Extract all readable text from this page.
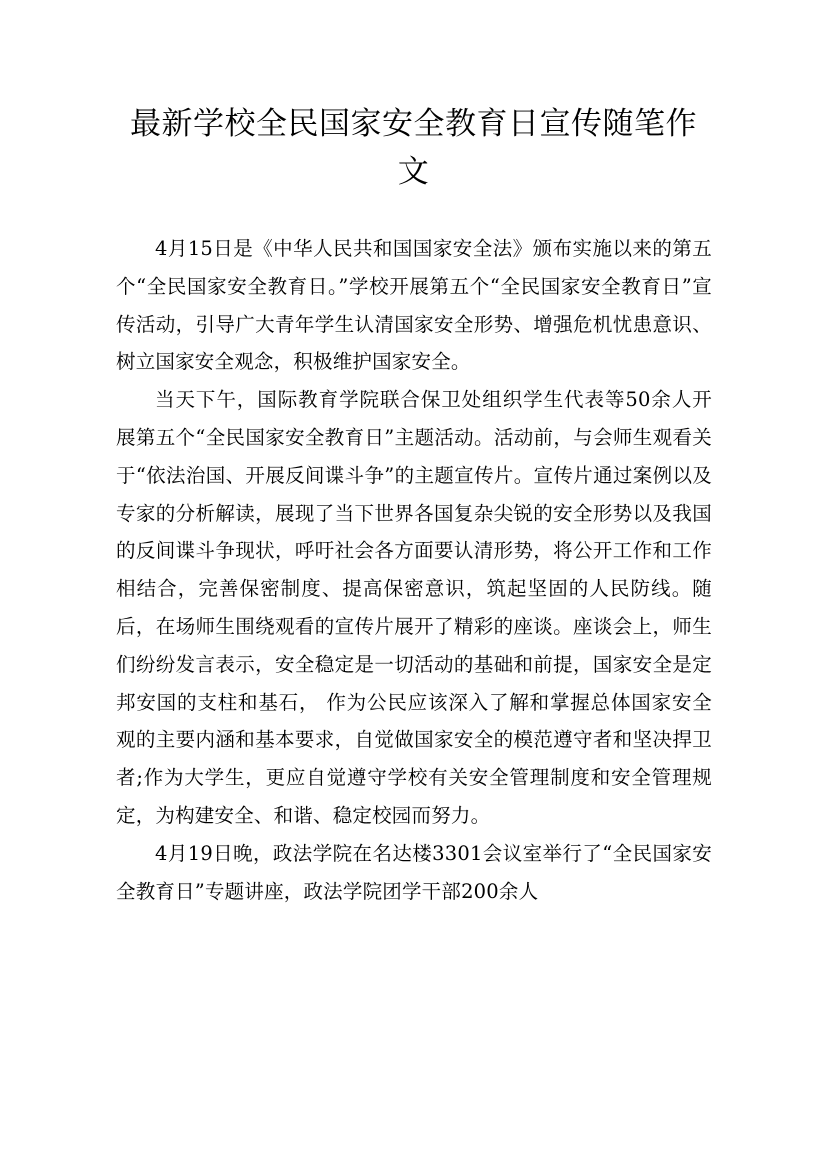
最新学校全民国家安全教育日宣传随笔作文

4月15日是《中华人民共和国国家安全法》颁布实施以来的第五个“全民国家安全教育日。”学校开展第五个“全民国家安全教育日”宣传活动，引导广大青年学生认清国家安全形势、增强危机忧患意识、树立国家安全观念，积极维护国家安全。

当天下午，国际教育学院联合保卫处组织学生代表等50余人开展第五个“全民国家安全教育日”主题活动。活动前，与会师生观看关于“依法治国、开展反间谍斗争”的主题宣传片。宣传片通过案例以及专家的分析解读，展现了当下世界各国复杂尖锐的安全形势以及我国的反间谍斗争现状，呼吁社会各方面要认清形势，将公开工作和工作相结合，完善保密制度、提高保密意识，筑起坚固的人民防线。随后，在场师生围绕观看的宣传片展开了精彩的座谈。座谈会上，师生们纷纷发言表示，安全稳定是一切活动的基础和前提，国家安全是定邦安国的支柱和基石， 作为公民应该深入了解和掌握总体国家安全观的主要内涵和基本要求，自觉做国家安全的模范遵守者和坚决捍卫者;作为大学生，更应自觉遵守学校有关安全管理制度和安全管理规定，为构建安全、和谐、稳定校园而努力。

4月19日晚，政法学院在名达楼3301会议室举行了“全民国家安全教育日”专题讲座，政法学院团学干部200余人
